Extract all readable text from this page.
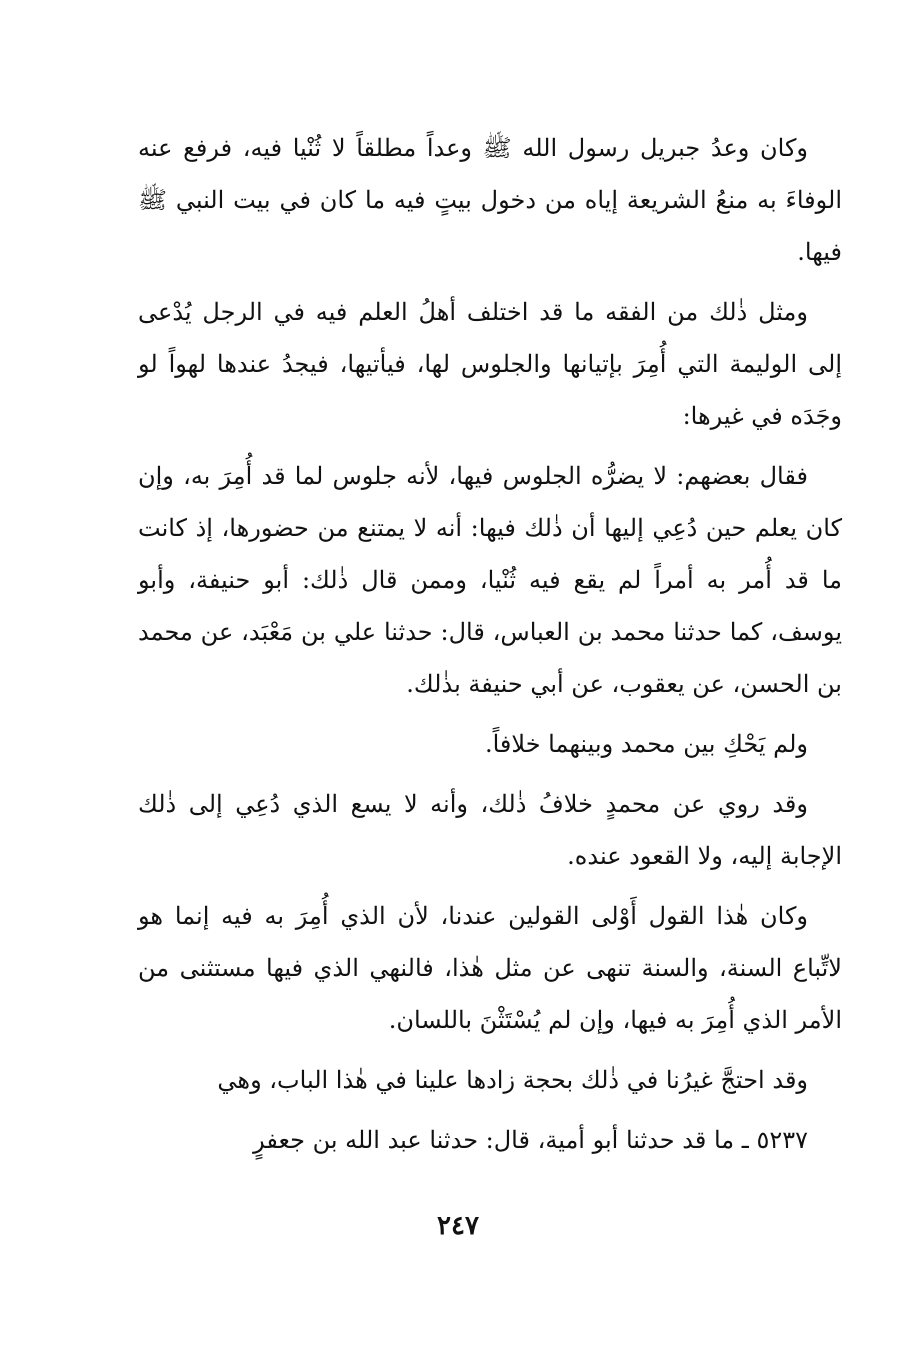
وكان وعدُ جبريل رسول الله ﷺ وعداً مطلقاً لا ثُنْيا فيه، فرفع عنه الوفاءَ به منعُ الشريعة إياه من دخول بيتٍ فيه ما كان في بيت النبي ﷺ فيها.

ومثل ذٰلك من الفقه ما قد اختلف أهلُ العلم فيه في الرجل يُدْعى إلى الوليمة التي أُمِرَ بإتيانها والجلوس لها، فيأتيها، فيجدُ عندها لهواً لو وجَدَه في غيرها:

فقال بعضهم: لا يضرُّه الجلوس فيها، لأنه جلوس لما قد أُمِرَ به، وإن كان يعلم حين دُعِي إليها أن ذٰلك فيها: أنه لا يمتنع من حضورها، إذ كانت ما قد أُمر به أمراً لم يقع فيه ثُنْيا، وممن قال ذٰلك: أبو حنيفة، وأبو يوسف، كما حدثنا محمد بن العباس، قال: حدثنا علي بن مَعْبَد، عن محمد بن الحسن، عن يعقوب، عن أبي حنيفة بذٰلك.

ولم يَحْكِ بين محمد وبينهما خلافاً.

وقد روي عن محمدٍ خلافُ ذٰلك، وأنه لا يسع الذي دُعِي إلى ذٰلك الإجابة إليه، ولا القعود عنده.

وكان هٰذا القول أَوْلى القولين عندنا، لأن الذي أُمِرَ به فيه إنما هو لاتِّباع السنة، والسنة تنهى عن مثل هٰذا، فالنهي الذي فيها مستثنى من الأمر الذي أُمِرَ به فيها، وإن لم يُسْتَثْنَ باللسان.

وقد احتجَّ غيرُنا في ذٰلك بحجة زادها علينا في هٰذا الباب، وهي

٥٢٣٧ ـ ما قد حدثنا أبو أمية، قال: حدثنا عبد الله بن جعفرٍ

٢٤٧
